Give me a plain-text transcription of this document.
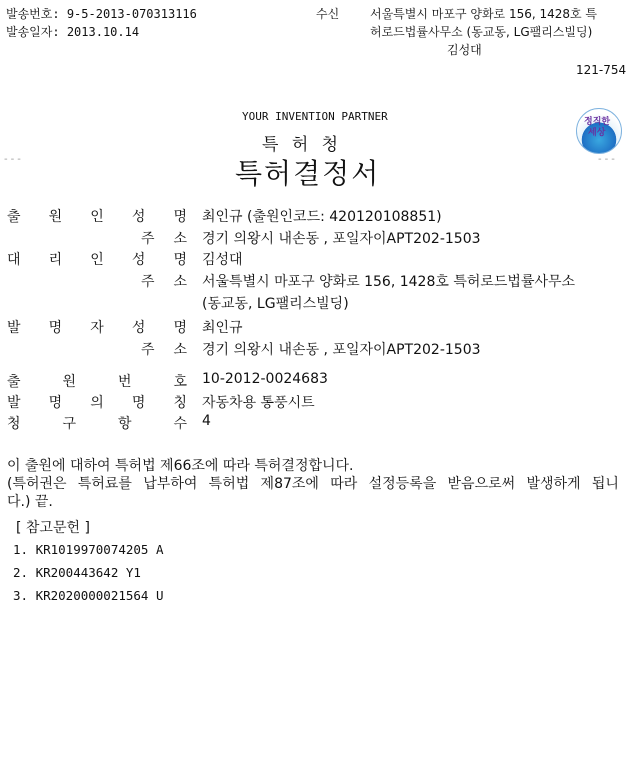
발송번호: 9-5-2013-070313116
발송일자: 2013.10.14
수신	서울특별시 마포구 양화로 156, 1428호 특
허로드법률사무소 (동교동, LG팰리스빌딩)
김성대
121-754
YOUR INVENTION PARTNER
특 허 청
정직한
세상
---	---
특허결정서
출 원 인 성 명 최인규 (출원인코드: 420120108851)
주 소 경기 의왕시 내손동 , 포일자이APT202-1503
대 리 인 성 명 김성대
주 소 서울특별시 마포구 양화로 156, 1428호 특허로드법률사무소
(동교동, LG팰리스빌딩)
발 명 자 성 명 최인규
주 소 경기 의왕시 내손동 , 포일자이APT202-1503
출	원	번	호 10-2012-0024683
발 명 의 명 칭 자동차용 통풍시트
청	구	항	수 4
이 출원에 대하여 특허법 제66조에 따라 특허결정합니다.
(특허권은 특허료를 납부하여 특허법 제87조에 따라 설정등록을 받음으로써 발생하게 됩니
다.) 끝.
[ 참고문헌 ]
1. KR1019970074205 A
2. KR200443642 Y1
3. KR2020000021564 U
